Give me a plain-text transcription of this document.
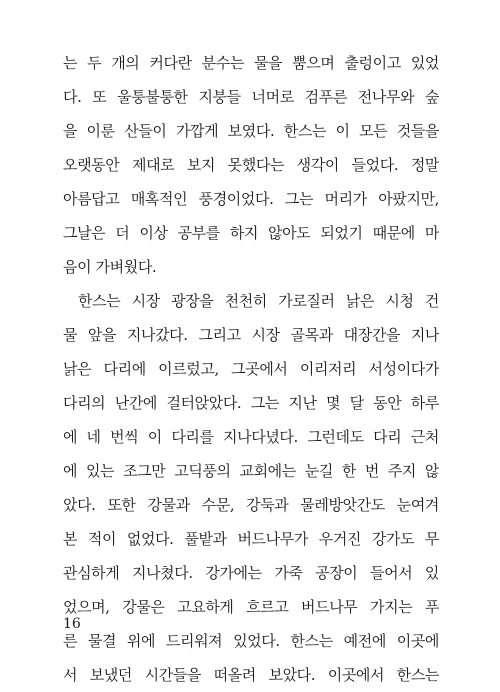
는 두 개의 커다란 분수는 물을 뿜으며 출렁이고 있었
다. 또 울퉁불퉁한 지붕들 너머로 검푸른 전나무와 숲
을 이룬 산들이 가깝게 보였다. 한스는 이 모든 것들을
오랫동안 제대로 보지 못했다는 생각이 들었다. 정말
아름답고 매혹적인 풍경이었다. 그는 머리가 아팠지만,
그날은 더 이상 공부를 하지 않아도 되었기 때문에 마
음이 가벼웠다.
한스는 시장 광장을 천천히 가로질러 낡은 시청 건
물 앞을 지나갔다. 그리고 시장 골목과 대장간을 지나
낡은 다리에 이르렀고, 그곳에서 이리저리 서성이다가
다리의 난간에 걸터앉았다. 그는 지난 몇 달 동안 하루
에 네 번씩 이 다리를 지나다녔다. 그런데도 다리 근처
에 있는 조그만 고딕풍의 교회에는 눈길 한 번 주지 않
았다. 또한 강물과 수문, 강둑과 물레방앗간도 눈여겨
본 적이 없었다. 풀밭과 버드나무가 우거진 강가도 무
관심하게 지나쳤다. 강가에는 가죽 공장이 들어서 있
었으며, 강물은 고요하게 흐르고 버드나무 가지는 푸
른 물결 위에 드리워져 있었다. 한스는 예전에 이곳에
서 보냈던 시간들을 떠올려 보았다. 이곳에서 한스는
16
